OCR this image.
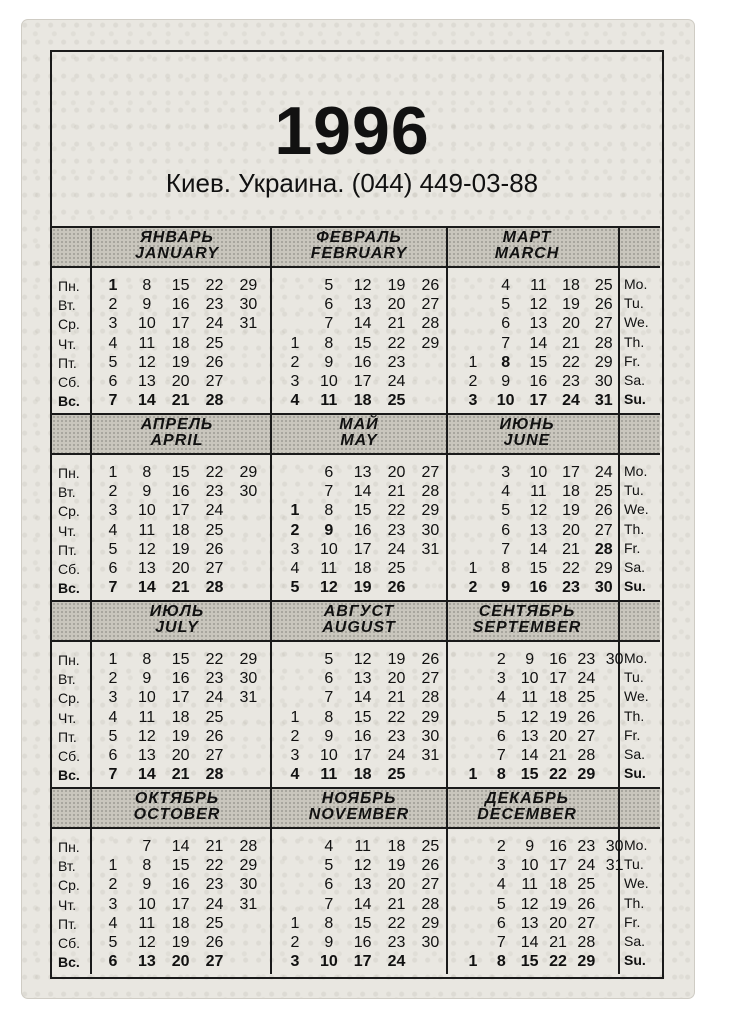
1996
Киев. Украина. (044) 449-03-88
ЯНВАРЬ
JANUARY
ФЕВРАЛЬ
FEBRUARY
МАРТ
MARCH
Пн.
Вт.
Ср.
Чт.
Пт.
Сб.
Вс.
Mo.
Tu.
We.
Th.
Fr.
Sa.
Su.
1
2
3
4
5
6
7
8
9
10
11
12
13
14
15
16
17
18
19
20
21
22
23
24
25
26
27
28
29
30
31
1
2
3
4
5
6
7
8
9
10
11
12
13
14
15
16
17
18
19
20
21
22
23
24
25
26
27
28
29
1
2
3
4
5
6
7
8
9
10
11
12
13
14
15
16
17
18
19
20
21
22
23
24
25
26
27
28
29
30
31
АПРЕЛЬ
APRIL
МАЙ
MAY
ИЮНЬ
JUNE
Пн.
Вт.
Ср.
Чт.
Пт.
Сб.
Вс.
Mo.
Tu.
We.
Th.
Fr.
Sa.
Su.
1
2
3
4
5
6
7
8
9
10
11
12
13
14
15
16
17
18
19
20
21
22
23
24
25
26
27
28
29
30
1
2
3
4
5
6
7
8
9
10
11
12
13
14
15
16
17
18
19
20
21
22
23
24
25
26
27
28
29
30
31
1
2
3
4
5
6
7
8
9
10
11
12
13
14
15
16
17
18
19
20
21
22
23
24
25
26
27
28
29
30
ИЮЛЬ
JULY
АВГУСТ
AUGUST
СЕНТЯБРЬ
SEPTEMBER
Пн.
Вт.
Ср.
Чт.
Пт.
Сб.
Вс.
Mo.
Tu.
We.
Th.
Fr.
Sa.
Su.
1
2
3
4
5
6
7
8
9
10
11
12
13
14
15
16
17
18
19
20
21
22
23
24
25
26
27
28
29
30
31
1
2
3
4
5
6
7
8
9
10
11
12
13
14
15
16
17
18
19
20
21
22
23
24
25
26
27
28
29
30
31
1
2
3
4
5
6
7
8
9
10
11
12
13
14
15
16
17
18
19
20
21
22
23
24
25
26
27
28
29
30
ОКТЯБРЬ
OCTOBER
НОЯБРЬ
NOVEMBER
ДЕКАБРЬ
DECEMBER
Пн.
Вт.
Ср.
Чт.
Пт.
Сб.
Вс.
Mo.
Tu.
We.
Th.
Fr.
Sa.
Su.
1
2
3
4
5
6
7
8
9
10
11
12
13
14
15
16
17
18
19
20
21
22
23
24
25
26
27
28
29
30
31
1
2
3
4
5
6
7
8
9
10
11
12
13
14
15
16
17
18
19
20
21
22
23
24
25
26
27
28
29
30
1
2
3
4
5
6
7
8
9
10
11
12
13
14
15
16
17
18
19
20
21
22
23
24
25
26
27
28
29
30
31
